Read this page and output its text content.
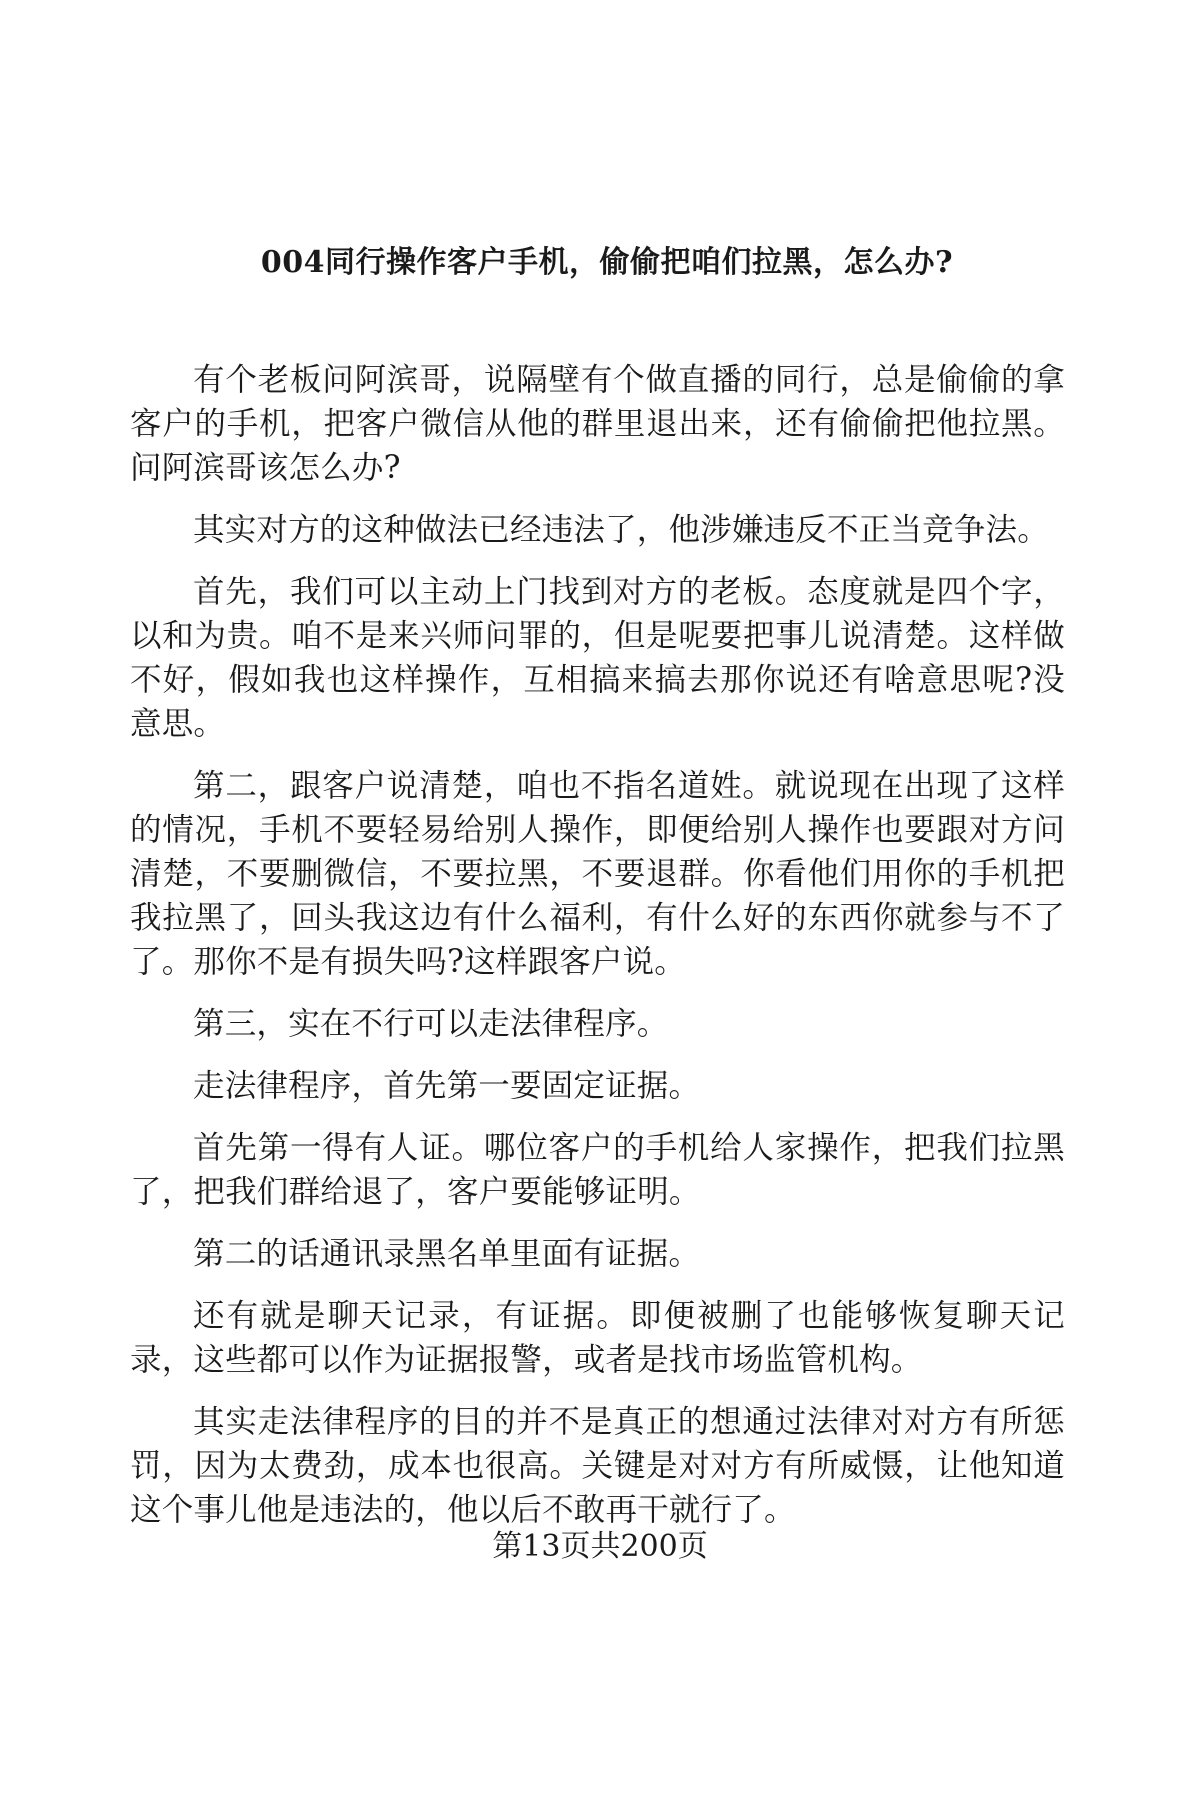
004同行操作客户手机，偷偷把咱们拉黑，怎么办?

有个老板问阿滨哥，说隔壁有个做直播的同行，总是偷偷的拿客户的手机，把客户微信从他的群里退出来，还有偷偷把他拉黑。问阿滨哥该怎么办?

其实对方的这种做法已经违法了，他涉嫌违反不正当竞争法。

首先，我们可以主动上门找到对方的老板。态度就是四个字，以和为贵。咱不是来兴师问罪的，但是呢要把事儿说清楚。这样做不好，假如我也这样操作，互相搞来搞去那你说还有啥意思呢?没意思。

第二，跟客户说清楚，咱也不指名道姓。就说现在出现了这样的情况，手机不要轻易给别人操作，即便给别人操作也要跟对方问清楚，不要删微信，不要拉黑，不要退群。你看他们用你的手机把我拉黑了，回头我这边有什么福利，有什么好的东西你就参与不了了。那你不是有损失吗?这样跟客户说。

第三，实在不行可以走法律程序。

走法律程序，首先第一要固定证据。

首先第一得有人证。哪位客户的手机给人家操作，把我们拉黑了，把我们群给退了，客户要能够证明。

第二的话通讯录黑名单里面有证据。

还有就是聊天记录，有证据。即便被删了也能够恢复聊天记录，这些都可以作为证据报警，或者是找市场监管机构。

其实走法律程序的目的并不是真正的想通过法律对对方有所惩罚，因为太费劲，成本也很高。关键是对对方有所威慑，让他知道这个事儿他是违法的，他以后不敢再干就行了。

第13页共200页
